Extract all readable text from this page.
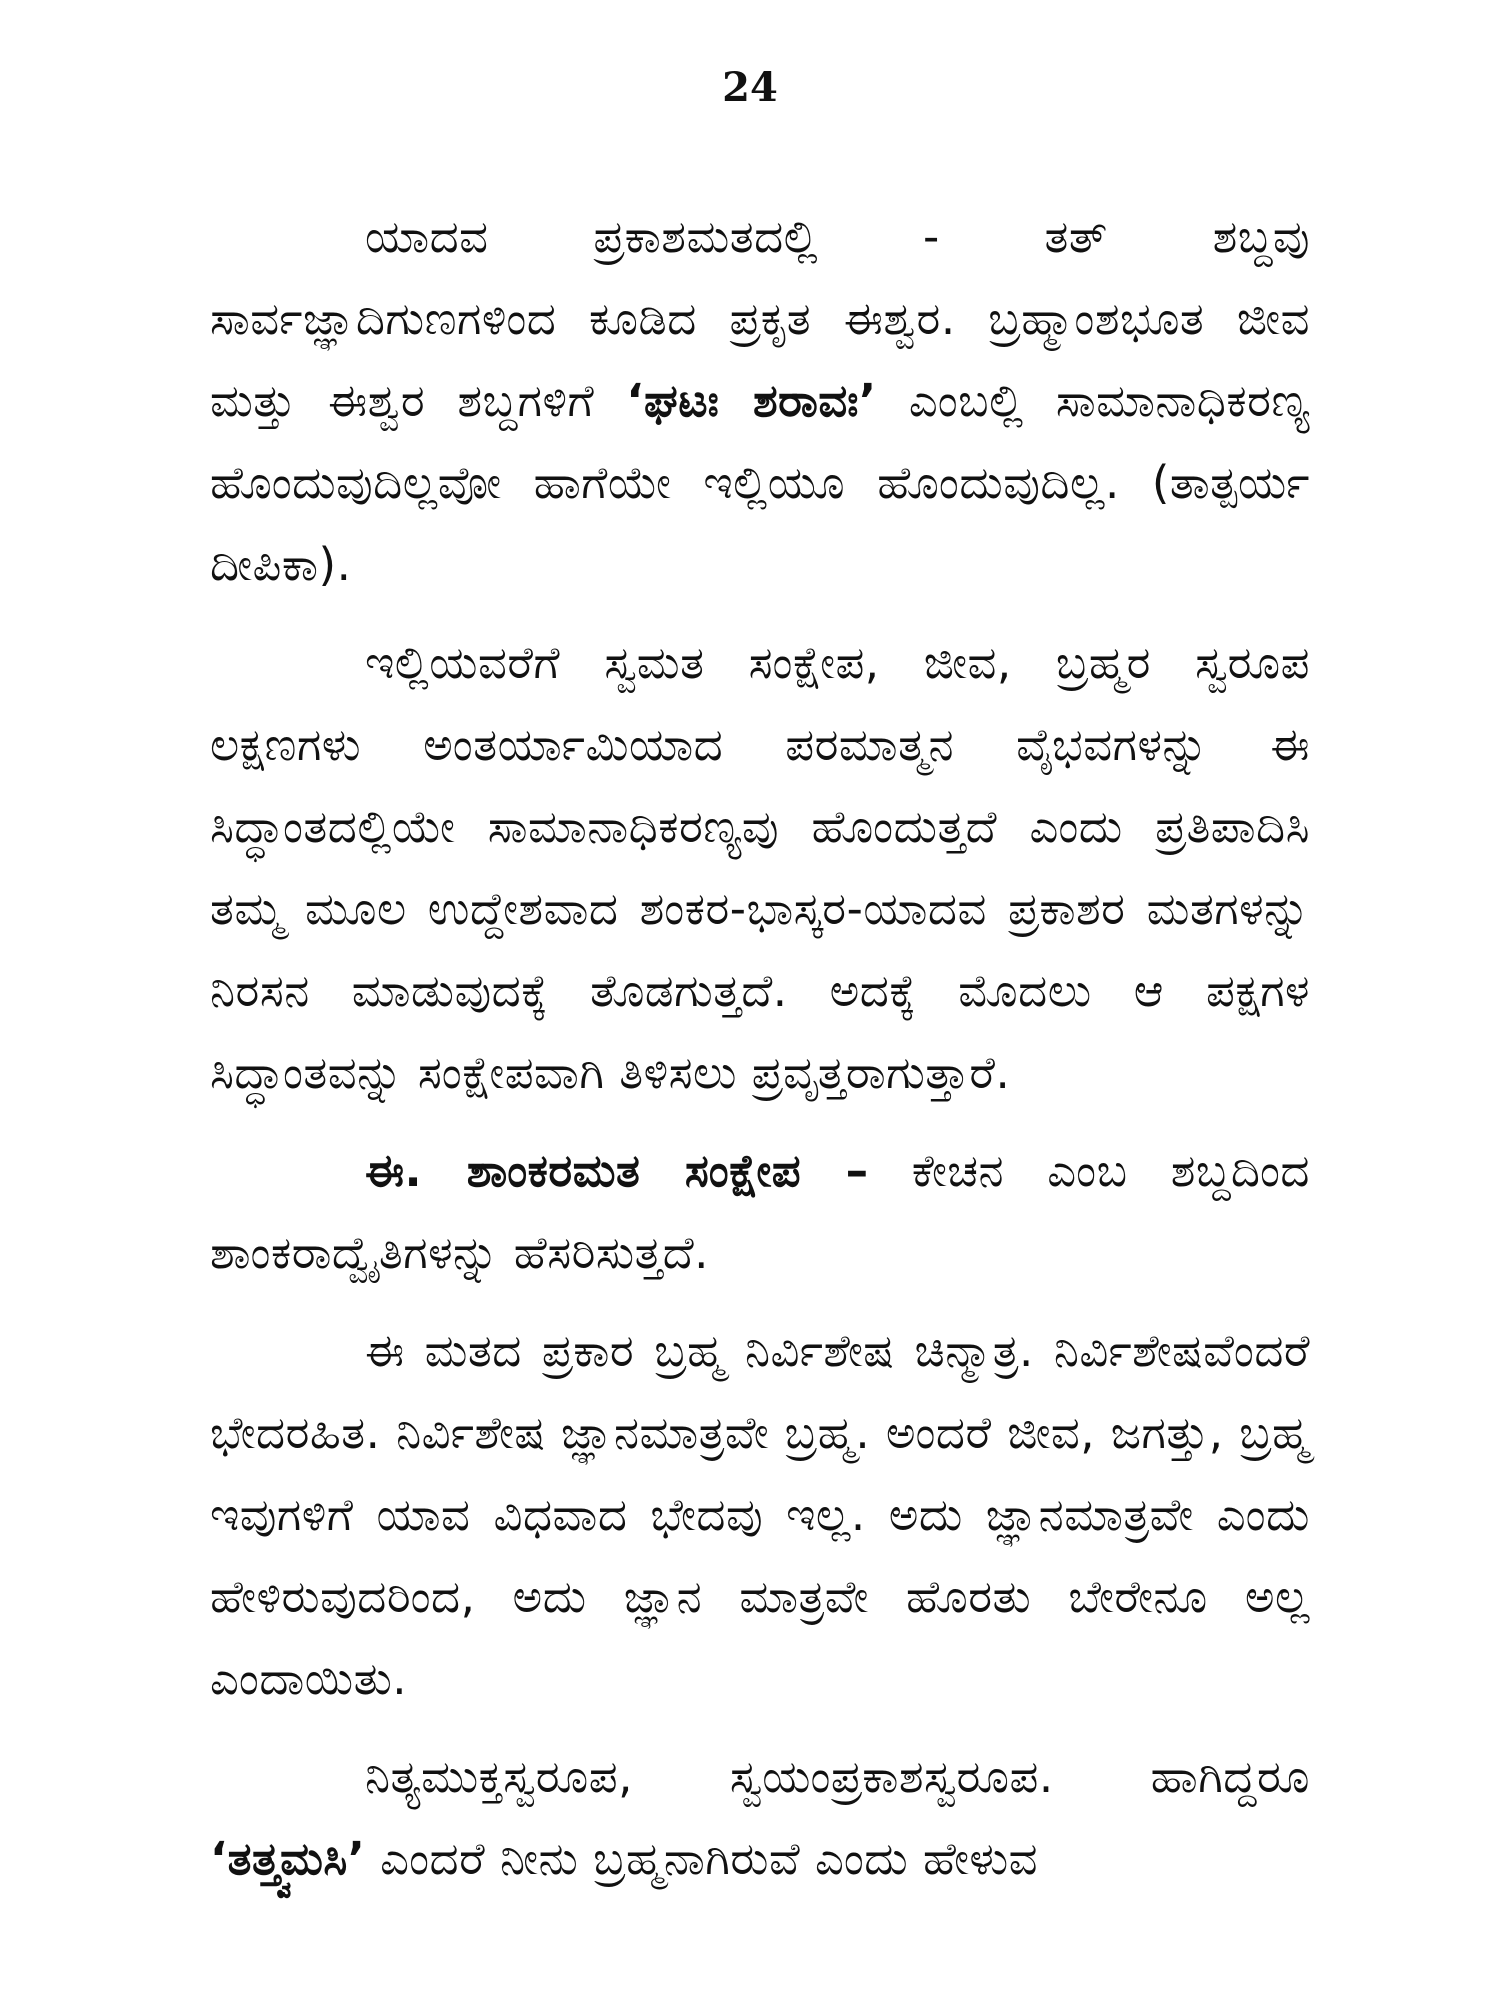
24

ಯಾದವ ಪ್ರಕಾಶಮತದಲ್ಲಿ - ತತ್ ಶಬ್ದವು ಸಾರ್ವಜ್ಞಾದಿಗುಣಗಳಿಂದ ಕೂಡಿದ ಪ್ರಕೃತ ಈಶ್ವರ. ಬ್ರಹ್ಮಾಂಶಭೂತ ಜೀವ ಮತ್ತು ಈಶ್ವರ ಶಬ್ದಗಳಿಗೆ ‘ಘಟಃ ಶರಾವಃ’ ಎಂಬಲ್ಲಿ ಸಾಮಾನಾಧಿಕರಣ್ಯ ಹೊಂದುವುದಿಲ್ಲವೋ ಹಾಗೆಯೇ ಇಲ್ಲಿಯೂ ಹೊಂದುವುದಿಲ್ಲ. (ತಾತ್ಪರ್ಯ ದೀಪಿಕಾ).

ಇಲ್ಲಿಯವರೆಗೆ ಸ್ವಮತ ಸಂಕ್ಷೇಪ, ಜೀವ, ಬ್ರಹ್ಮರ ಸ್ವರೂಪ ಲಕ್ಷಣಗಳು ಅಂತರ್ಯಾಮಿಯಾದ ಪರಮಾತ್ಮನ ವೈಭವಗಳನ್ನು ಈ ಸಿದ್ಧಾಂತದಲ್ಲಿಯೇ ಸಾಮಾನಾಧಿಕರಣ್ಯವು ಹೊಂದುತ್ತದೆ ಎಂದು ಪ್ರತಿಪಾದಿಸಿ ತಮ್ಮ ಮೂಲ ಉದ್ದೇಶವಾದ ಶಂಕರ-ಭಾಸ್ಕರ-ಯಾದವ ಪ್ರಕಾಶರ ಮತಗಳನ್ನು ನಿರಸನ ಮಾಡುವುದಕ್ಕೆ ತೊಡಗುತ್ತದೆ. ಅದಕ್ಕೆ ಮೊದಲು ಆ ಪಕ್ಷಗಳ ಸಿದ್ಧಾಂತವನ್ನು ಸಂಕ್ಷೇಪವಾಗಿ ತಿಳಿಸಲು ಪ್ರವೃತ್ತರಾಗುತ್ತಾರೆ.

ಈ. ಶಾಂಕರಮತ ಸಂಕ್ಷೇಪ – ಕೇಚನ ಎಂಬ ಶಬ್ದದಿಂದ ಶಾಂಕರಾದ್ವೈತಿಗಳನ್ನು ಹೆಸರಿಸುತ್ತದೆ.

ಈ ಮತದ ಪ್ರಕಾರ ಬ್ರಹ್ಮ ನಿರ್ವಿಶೇಷ ಚಿನ್ಮಾತ್ರ. ನಿರ್ವಿಶೇಷವೆಂದರೆ ಭೇದರಹಿತ. ನಿರ್ವಿಶೇಷ ಜ್ಞಾನಮಾತ್ರವೇ ಬ್ರಹ್ಮ. ಅಂದರೆ ಜೀವ, ಜಗತ್ತು, ಬ್ರಹ್ಮ ಇವುಗಳಿಗೆ ಯಾವ ವಿಧವಾದ ಭೇದವು ಇಲ್ಲ. ಅದು ಜ್ಞಾನಮಾತ್ರವೇ ಎಂದು ಹೇಳಿರುವುದರಿಂದ, ಅದು ಜ್ಞಾನ ಮಾತ್ರವೇ ಹೊರತು ಬೇರೇನೂ ಅಲ್ಲ ಎಂದಾಯಿತು.

ನಿತ್ಯಮುಕ್ತಸ್ವರೂಪ, ಸ್ವಯಂಪ್ರಕಾಶಸ್ವರೂಪ. ಹಾಗಿದ್ದರೂ ‘ತತ್ತ್ವಮಸಿ’ ಎಂದರೆ ನೀನು ಬ್ರಹ್ಮನಾಗಿರುವೆ ಎಂದು ಹೇಳುವ
